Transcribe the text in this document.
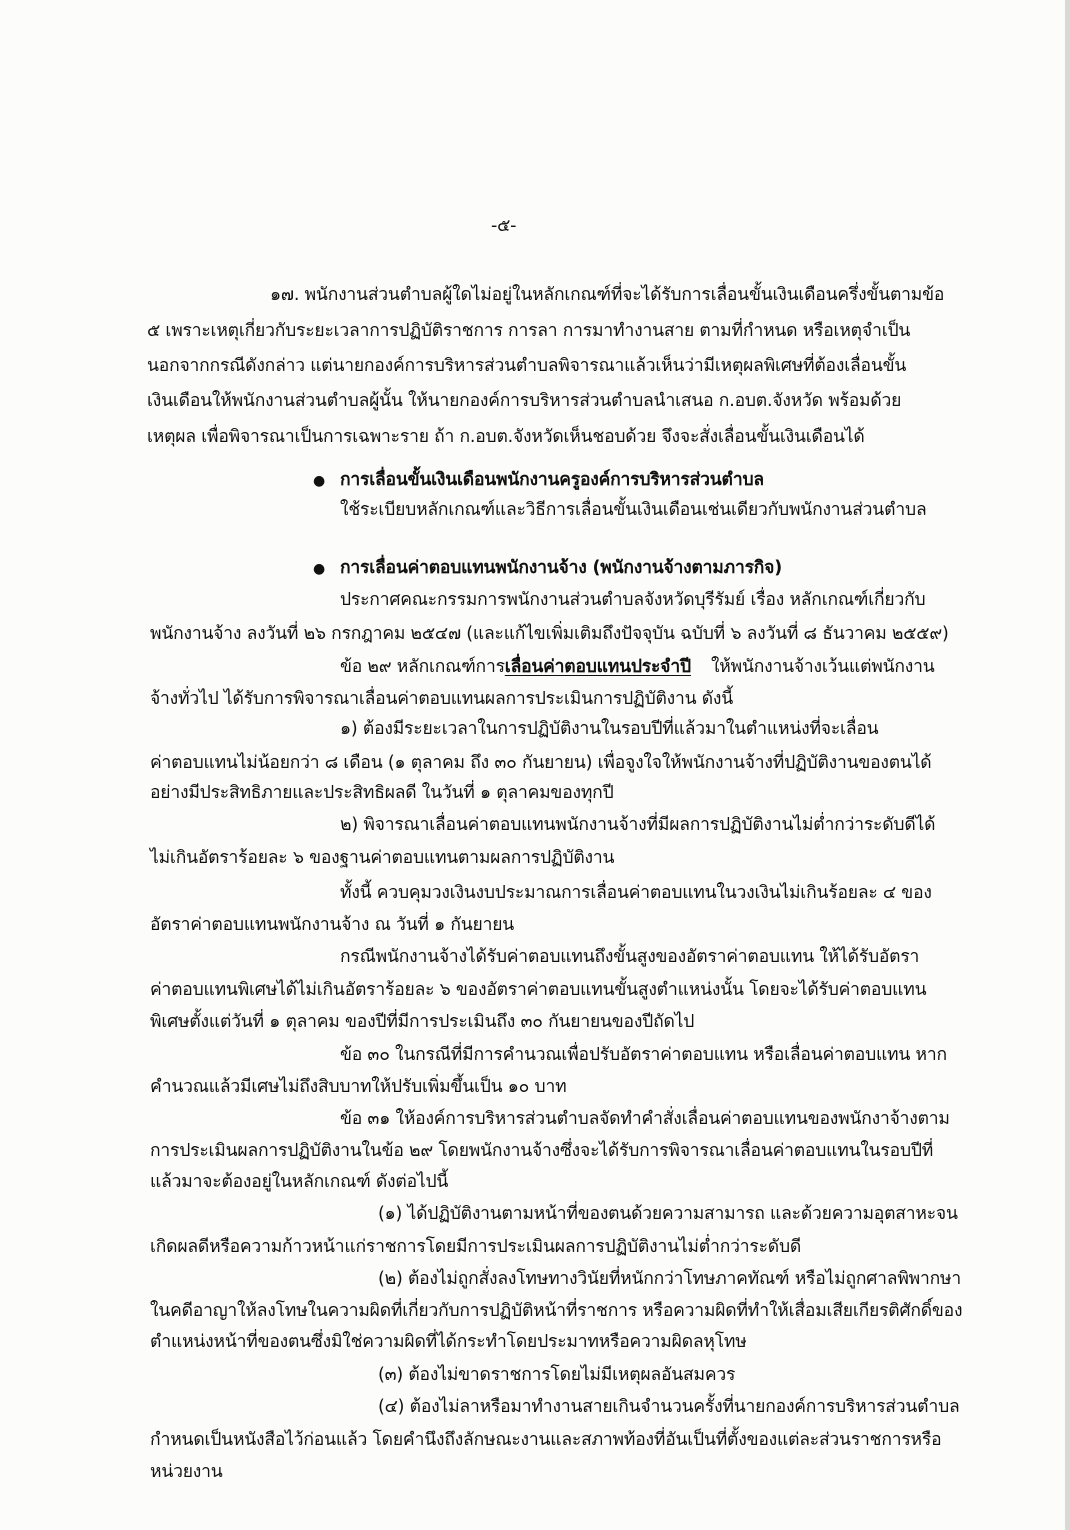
-๕-
๑๗. พนักงานส่วนตำบลผู้ใดไม่อยู่ในหลักเกณฑ์ที่จะได้รับการเลื่อนขั้นเงินเดือนครึ่งขั้นตามข้อ
๕ เพราะเหตุเกี่ยวกับระยะเวลาการปฏิบัติราชการ การลา การมาทำงานสาย ตามที่กำหนด หรือเหตุจำเป็น
นอกจากกรณีดังกล่าว แต่นายกองค์การบริหารส่วนตำบลพิจารณาแล้วเห็นว่ามีเหตุผลพิเศษที่ต้องเลื่อนขั้น
เงินเดือนให้พนักงานส่วนตำบลผู้นั้น ให้นายกองค์การบริหารส่วนตำบลนำเสนอ ก.อบต.จังหวัด พร้อมด้วย
เหตุผล เพื่อพิจารณาเป็นการเฉพาะราย ถ้า ก.อบต.จังหวัดเห็นชอบด้วย จึงจะสั่งเลื่อนขั้นเงินเดือนได้
● การเลื่อนขั้นเงินเดือนพนักงานครูองค์การบริหารส่วนตำบล
ใช้ระเบียบหลักเกณฑ์และวิธีการเลื่อนขั้นเงินเดือนเช่นเดียวกับพนักงานส่วนตำบล
● การเลื่อนค่าตอบแทนพนักงานจ้าง (พนักงานจ้างตามภารกิจ)
ประกาศคณะกรรมการพนักงานส่วนตำบลจังหวัดบุรีรัมย์ เรื่อง หลักเกณฑ์เกี่ยวกับ
พนักงานจ้าง ลงวันที่ ๒๖ กรกฎาคม ๒๕๔๗ (และแก้ไขเพิ่มเติมถึงปัจจุบัน ฉบับที่ ๖ ลงวันที่ ๘ ธันวาคม ๒๕๕๙)
ข้อ ๒๙ หลักเกณฑ์การเลื่อนค่าตอบแทนประจำปี ให้พนักงานจ้างเว้นแต่พนักงาน
จ้างทั่วไป ได้รับการพิจารณาเลื่อนค่าตอบแทนผลการประเมินการปฏิบัติงาน ดังนี้
๑) ต้องมีระยะเวลาในการปฏิบัติงานในรอบปีที่แล้วมาในตำแหน่งที่จะเลื่อน
ค่าตอบแทนไม่น้อยกว่า ๘ เดือน (๑ ตุลาคม ถึง ๓๐ กันยายน) เพื่อจูงใจให้พนักงานจ้างที่ปฏิบัติงานของตนได้
อย่างมีประสิทธิภายและประสิทธิผลดี ในวันที่ ๑ ตุลาคมของทุกปี
๒) พิจารณาเลื่อนค่าตอบแทนพนักงานจ้างที่มีผลการปฏิบัติงานไม่ต่ำกว่าระดับดีได้
ไม่เกินอัตราร้อยละ ๖ ของฐานค่าตอบแทนตามผลการปฏิบัติงาน
ทั้งนี้ ควบคุมวงเงินงบประมาณการเลื่อนค่าตอบแทนในวงเงินไม่เกินร้อยละ ๔ ของ
อัตราค่าตอบแทนพนักงานจ้าง ณ วันที่ ๑ กันยายน
กรณีพนักงานจ้างได้รับค่าตอบแทนถึงขั้นสูงของอัตราค่าตอบแทน ให้ได้รับอัตรา
ค่าตอบแทนพิเศษได้ไม่เกินอัตราร้อยละ ๖ ของอัตราค่าตอบแทนขั้นสูงตำแหน่งนั้น โดยจะได้รับค่าตอบแทน
พิเศษตั้งแต่วันที่ ๑ ตุลาคม ของปีที่มีการประเมินถึง ๓๐ กันยายนของปีถัดไป
ข้อ ๓๐ ในกรณีที่มีการคำนวณเพื่อปรับอัตราค่าตอบแทน หรือเลื่อนค่าตอบแทน หาก
คำนวณแล้วมีเศษไม่ถึงสิบบาทให้ปรับเพิ่มขึ้นเป็น ๑๐ บาท
ข้อ ๓๑ ให้องค์การบริหารส่วนตำบลจัดทำคำสั่งเลื่อนค่าตอบแทนของพนักงาจ้างตาม
การประเมินผลการปฏิบัติงานในข้อ ๒๙ โดยพนักงานจ้างซึ่งจะได้รับการพิจารณาเลื่อนค่าตอบแทนในรอบปีที่
แล้วมาจะต้องอยู่ในหลักเกณฑ์ ดังต่อไปนี้
(๑) ได้ปฏิบัติงานตามหน้าที่ของตนด้วยความสามารถ และด้วยความอุตสาหะจน
เกิดผลดีหรือความก้าวหน้าแก่ราชการโดยมีการประเมินผลการปฏิบัติงานไม่ต่ำกว่าระดับดี
(๒) ต้องไม่ถูกสั่งลงโทษทางวินัยที่หนักกว่าโทษภาคทัณฑ์ หรือไม่ถูกศาลพิพากษา
ในคดีอาญาให้ลงโทษในความผิดที่เกี่ยวกับการปฏิบัติหน้าที่ราชการ หรือความผิดที่ทำให้เสื่อมเสียเกียรติศักดิ์ของ
ตำแหน่งหน้าที่ของตนซึ่งมิใช่ความผิดที่ได้กระทำโดยประมาทหรือความผิดลหุโทษ
(๓) ต้องไม่ขาดราชการโดยไม่มีเหตุผลอันสมควร
(๔) ต้องไม่ลาหรือมาทำงานสายเกินจำนวนครั้งที่นายกองค์การบริหารส่วนตำบล
กำหนดเป็นหนังสือไว้ก่อนแล้ว โดยคำนึงถึงลักษณะงานและสภาพท้องที่อันเป็นที่ตั้งของแต่ละส่วนราชการหรือ
หน่วยงาน
